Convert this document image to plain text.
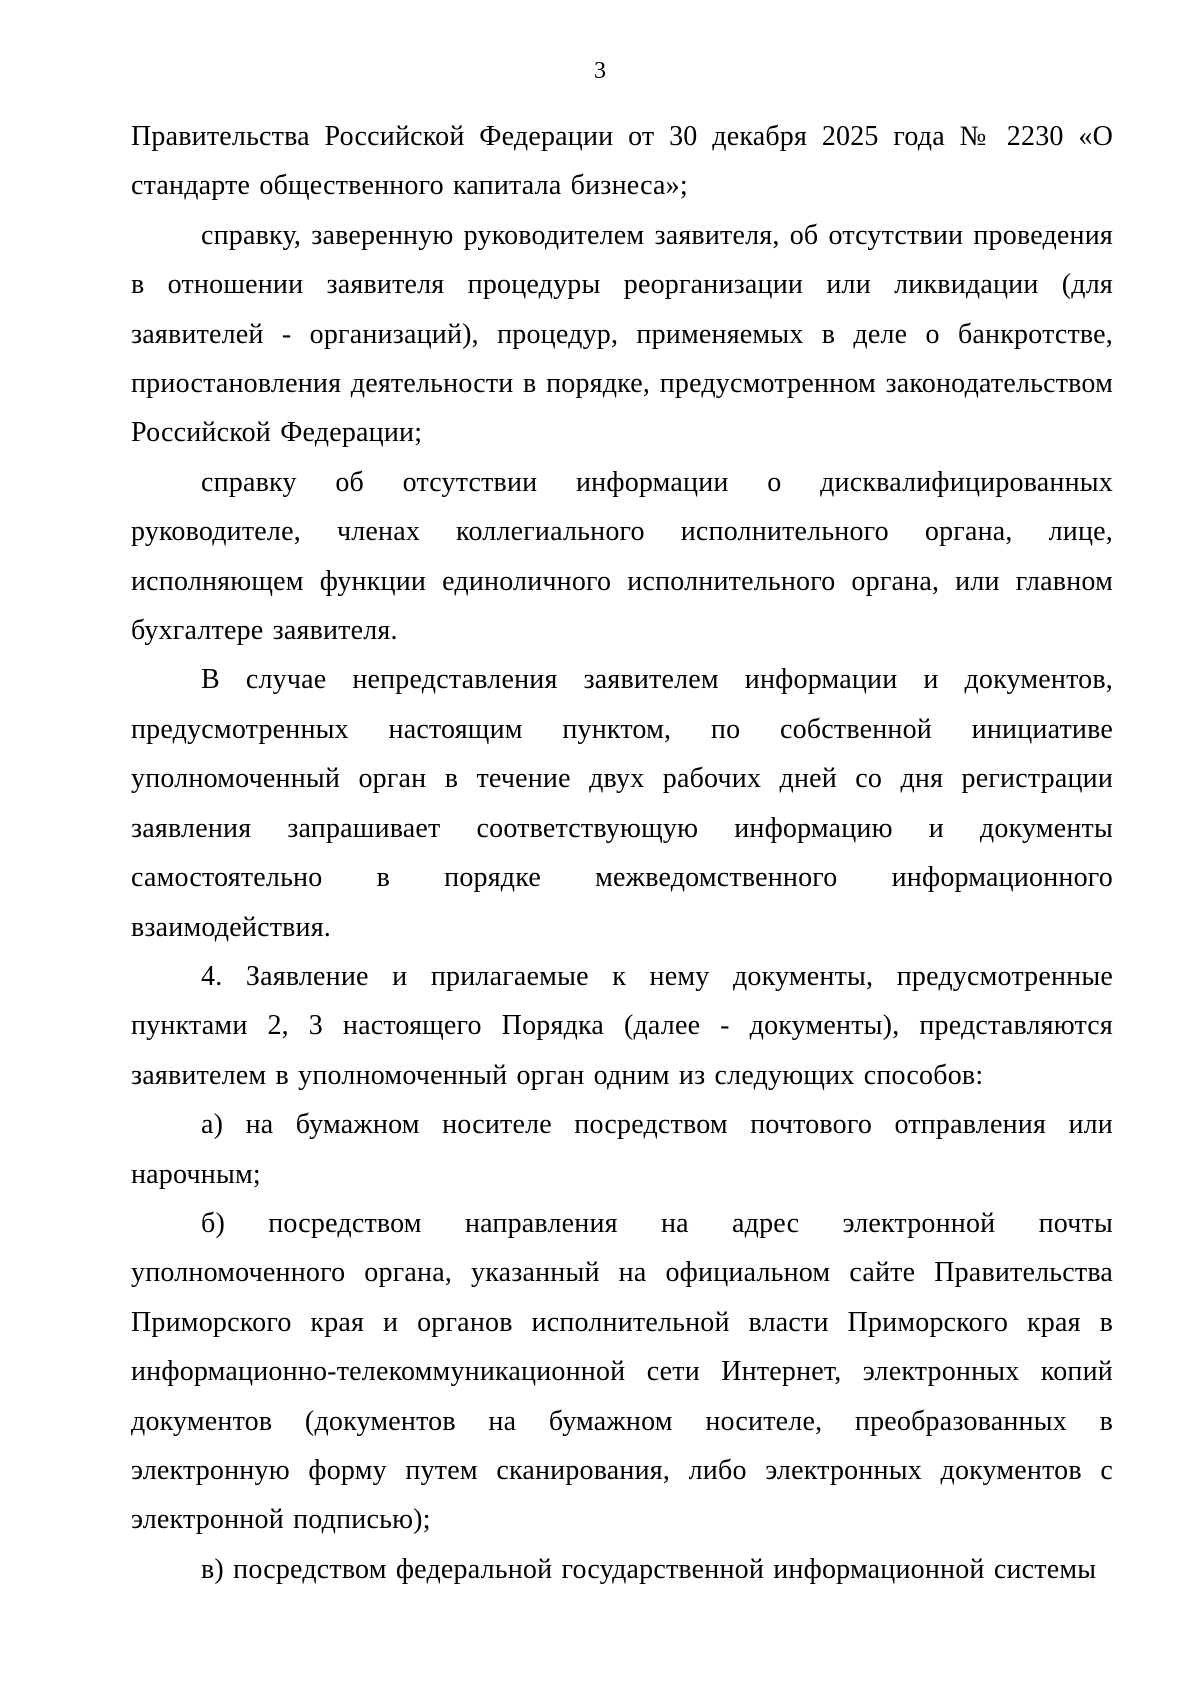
3

Правительства Российской Федерации от 30 декабря 2025 года № 2230 «О стандарте общественного капитала бизнеса»;

справку, заверенную руководителем заявителя, об отсутствии проведения в отношении заявителя процедуры реорганизации или ликвидации (для заявителей - организаций), процедур, применяемых в деле о банкротстве, приостановления деятельности в порядке, предусмотренном законодательством Российской Федерации;

справку об отсутствии информации о дисквалифицированных руководителе, членах коллегиального исполнительного органа, лице, исполняющем функции единоличного исполнительного органа, или главном бухгалтере заявителя.

В случае непредставления заявителем информации и документов, предусмотренных настоящим пунктом, по собственной инициативе уполномоченный орган в течение двух рабочих дней со дня регистрации заявления запрашивает соответствующую информацию и документы самостоятельно в порядке межведомственного информационного взаимодействия.

4. Заявление и прилагаемые к нему документы, предусмотренные пунктами 2, 3 настоящего Порядка (далее - документы), представляются заявителем в уполномоченный орган одним из следующих способов:

а) на бумажном носителе посредством почтового отправления или нарочным;

б) посредством направления на адрес электронной почты уполномоченного органа, указанный на официальном сайте Правительства Приморского края и органов исполнительной власти Приморского края в информационно-телекоммуникационной сети Интернет, электронных копий документов (документов на бумажном носителе, преобразованных в электронную форму путем сканирования, либо электронных документов с электронной подписью);

в) посредством федеральной государственной информационной системы
